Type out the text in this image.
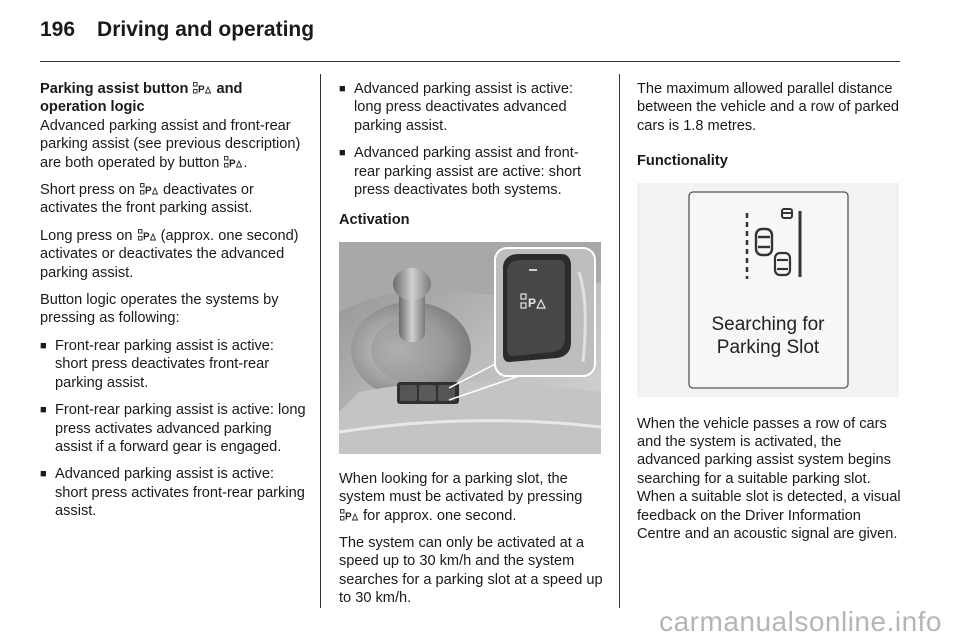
196 Driving and operating
Parking assist button P and
operation logic

Advanced parking assist and front-rear parking assist (see previous description) are both operated by button P .

Short press on P deactivates or activates the front parking assist.

Long press on P (approx. one second) activates or deactivates the advanced parking assist.

Button logic operates the systems by pressing as following:

■ Front-rear parking assist is active: short press deactivates front-rear parking assist.
■ Front-rear parking assist is active: long press activates advanced parking assist if a forward gear is engaged.
■ Advanced parking assist is active: short press activates front-rear parking assist.
■ Advanced parking assist is active: long press deactivates advanced parking assist.
■ Advanced parking assist and front-rear parking assist are active: short press deactivates both systems.
Activation
P

When looking for a parking slot, the system must be activated by pressing
P for approx. one second.

The system can only be activated at a speed up to 30 km/h and the system searches for a parking slot at a speed up to 30 km/h.

The maximum allowed parallel distance between the vehicle and a row of parked cars is 1.8 metres.

Functionality
Searching for
Parking Slot

When the vehicle passes a row of cars and the system is activated, the advanced parking assist system begins searching for a suitable parking slot. When a suitable slot is detected, a visual feedback on the Driver Information Centre and an acoustic signal are given.

carmanualsonline.info
